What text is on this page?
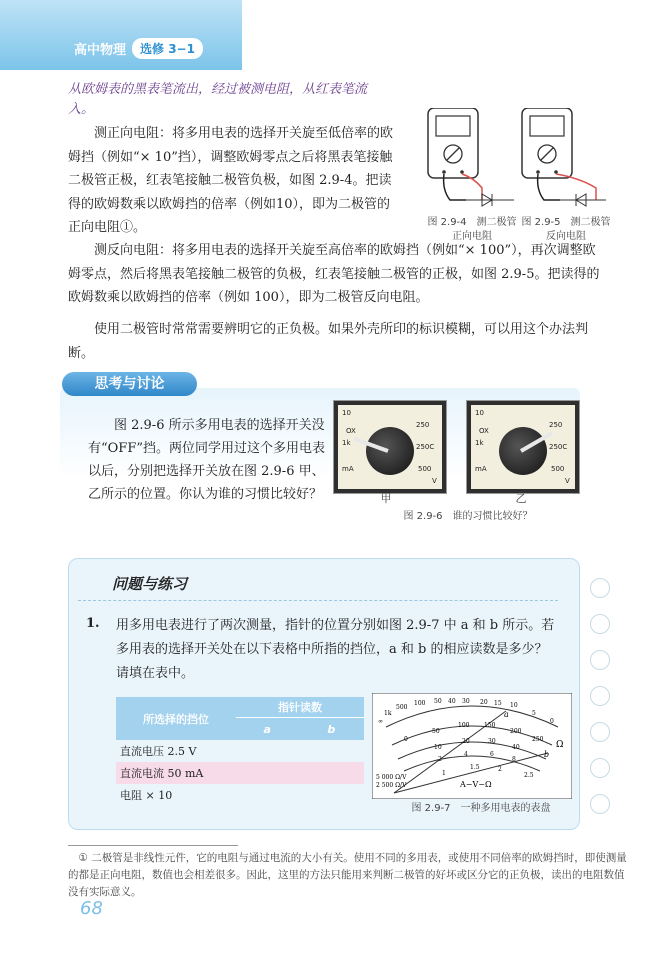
高中物理	选修 3−1
从欧姆表的黑表笔流出，经过被测电阻，从红表笔流入。

测正向电阻：将多用电表的选择开关旋至低倍率的欧姆挡（例如“× 10”挡），调整欧姆零点之后将黑表笔接触二极管正极，红表笔接触二极管负极，如图 2.9-4。把读得的欧姆数乘以欧姆挡的倍率（例如10），即为二极管的正向电阻①。

测反向电阻：将多用电表的选择开关旋至高倍率的欧姆挡（例如“× 100”），再次调整欧姆零点，然后将黑表笔接触二极管的负极，红表笔接触二极管的正极，如图 2.9-5。把读得的欧姆数乘以欧姆挡的倍率（例如 100），即为二极管反向电阻。

使用二极管时常常需要辨明它的正负极。如果外壳所印的标识模糊，可以用这个办法判断。

图 2.9-4　测二极管正向电阻
图 2.9-5　测二极管反向电阻
思考与讨论
图 2.9-6 所示多用电表的选择开关没有“OFF”挡。两位同学用过这个多用电表以后，分别把选择开关放在图 2.9-6 甲、乙所示的位置。你认为谁的习惯比较好？
10
OX
1k
mA
250
250C
500
V
10
OX
1k
mA
250
250C
500
V
甲	乙
图 2.9-6　谁的习惯比较好？
问题与练习
1. 用多用电表进行了两次测量，指针的位置分别如图 2.9-7 中 a 和 b 所示。若多用表的选择开关处在以下表格中所指的挡位，a 和 b 的相应读数是多少？请填在表中。
所选择的挡位	指针读数	
	a	b
直流电压 2.5 V		
直流电流 50 mA		
电阻 × 10		
∞
1k
500
100 50 40 30 20 15 10
5
0
Ω
0
50
100 150
200
250
10
20	30
40
2
4	6
8
1
1.5	2
2.5
A−V−Ω
5 000 Ω/V
2 500 Ω/V
a
b
图 2.9-7　一种多用电表的表盘
① 二极管是非线性元件，它的电阻与通过电流的大小有关。使用不同的多用表，或使用不同倍率的欧姆挡时，即使测量的都是正向电阻，数值也会相差很多。因此，这里的方法只能用来判断二极管的好坏或区分它的正负极，读出的电阻数值没有实际意义。
68
